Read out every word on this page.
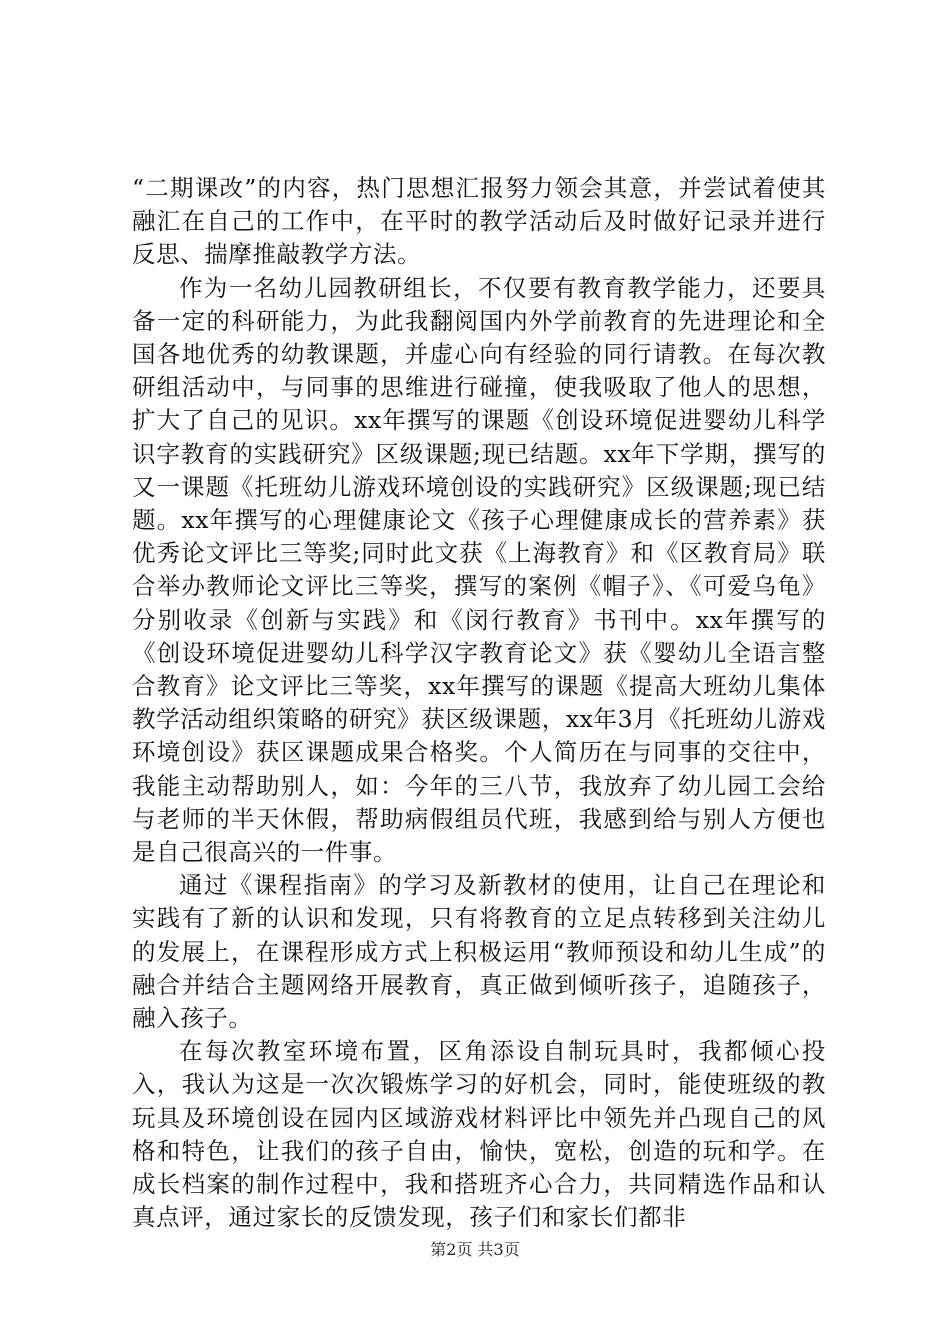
“二期课改”的内容，热门思想汇报努力领会其意，并尝试着使其融汇在自己的工作中，在平时的教学活动后及时做好记录并进行反思、揣摩推敲教学方法。

作为一名幼儿园教研组长，不仅要有教育教学能力，还要具备一定的科研能力，为此我翻阅国内外学前教育的先进理论和全国各地优秀的幼教课题，并虚心向有经验的同行请教。在每次教研组活动中，与同事的思维进行碰撞，使我吸取了他人的思想，扩大了自己的见识。xx年撰写的课题《创设环境促进婴幼儿科学识字教育的实践研究》区级课题;现已结题。xx年下学期，撰写的又一课题《托班幼儿游戏环境创设的实践研究》区级课题;现已结题。xx年撰写的心理健康论文《孩子心理健康成长的营养素》获优秀论文评比三等奖;同时此文获《上海教育》和《区教育局》联合举办教师论文评比三等奖，撰写的案例《帽子》、《可爱乌龟》分别收录《创新与实践》和《闵行教育》书刊中。xx年撰写的《创设环境促进婴幼儿科学汉字教育论文》获《婴幼儿全语言整合教育》论文评比三等奖，xx年撰写的课题《提高大班幼儿集体教学活动组织策略的研究》获区级课题，xx年3月《托班幼儿游戏环境创设》获区课题成果合格奖。个人简历在与同事的交往中，我能主动帮助别人，如：今年的三八节，我放弃了幼儿园工会给与老师的半天休假，帮助病假组员代班，我感到给与别人方便也是自己很高兴的一件事。

通过《课程指南》的学习及新教材的使用，让自己在理论和实践有了新的认识和发现，只有将教育的立足点转移到关注幼儿的发展上，在课程形成方式上积极运用“教师预设和幼儿生成”的融合并结合主题网络开展教育，真正做到倾听孩子，追随孩子，融入孩子。

在每次教室环境布置，区角添设自制玩具时，我都倾心投入，我认为这是一次次锻炼学习的好机会，同时，能使班级的教玩具及环境创设在园内区域游戏材料评比中领先并凸现自己的风格和特色，让我们的孩子自由，愉快，宽松，创造的玩和学。在成长档案的制作过程中，我和搭班齐心合力，共同精选作品和认真点评，通过家长的反馈发现，孩子们和家长们都非

第2页 共3页
